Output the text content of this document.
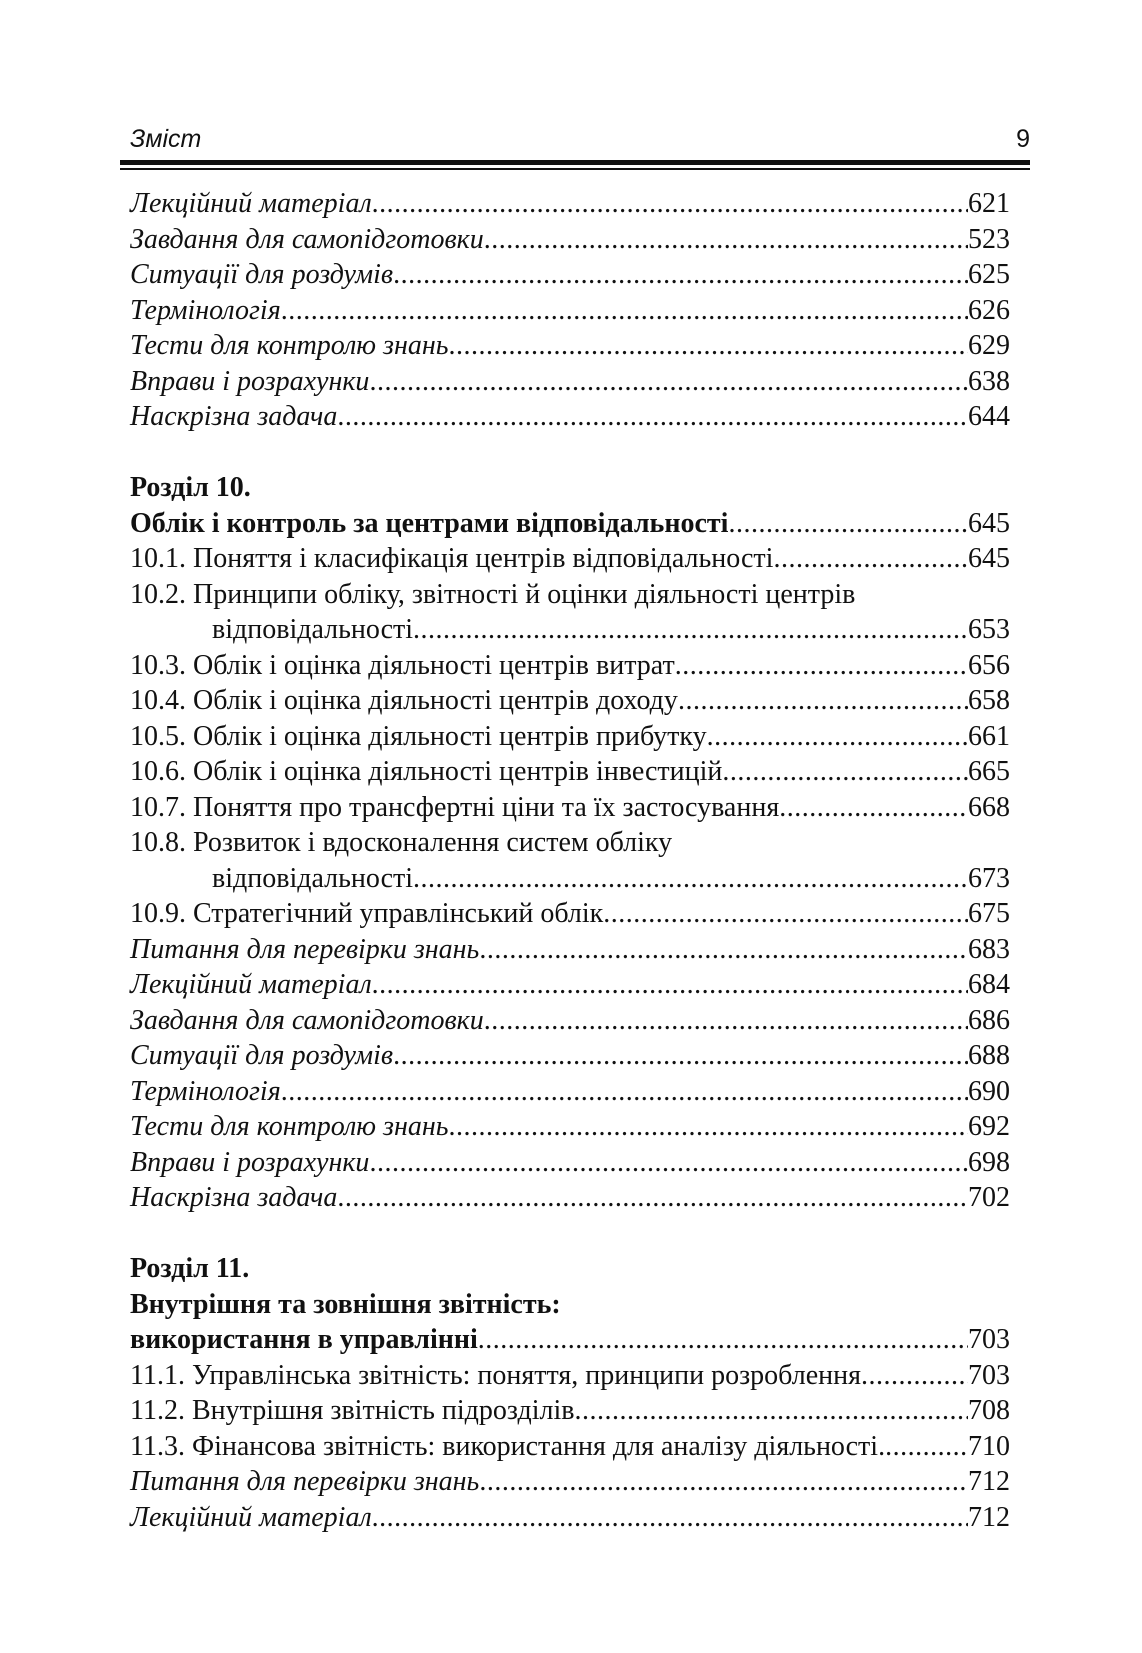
Зміст	9
Лекційний матеріал .....	621
Завдання для самопідготовки .....	523
Ситуації для роздумів .....	625
Термінологія .....	626
Тести для контролю знань .....	629
Вправи і розрахунки .....	638
Наскрізна задача .....	644
Розділ 10.
Облік і контроль за центрами відповідальності .....	645
10.1. Поняття і класифікація центрів відповідальності .....	645
10.2. Принципи обліку, звітності й оцінки діяльності центрів
відповідальності .....	653
10.3. Облік і оцінка діяльності центрів витрат .....	656
10.4. Облік і оцінка діяльності центрів доходу .....	658
10.5. Облік і оцінка діяльності центрів прибутку .....	661
10.6. Облік і оцінка діяльності центрів інвестицій .....	665
10.7. Поняття про трансфертні ціни та їх застосування .....	668
10.8. Розвиток і вдосконалення систем обліку
відповідальності .....	673
10.9. Стратегічний управлінський облік .....	675
Питання для перевірки знань .....	683
Лекційний матеріал .....	684
Завдання для самопідготовки .....	686
Ситуації для роздумів .....	688
Термінологія .....	690
Тести для контролю знань .....	692
Вправи і розрахунки .....	698
Наскрізна задача .....	702
Розділ 11.
Внутрішня та зовнішня звітність:
використання в управлінні .....	703
11.1. Управлінська звітність: поняття, принципи розроблення .....	703
11.2. Внутрішня звітність підрозділів .....	708
11.3. Фінансова звітність: використання для аналізу діяльності. .....	710
Питання для перевірки знань .....	712
Лекційний матеріал .....	712
